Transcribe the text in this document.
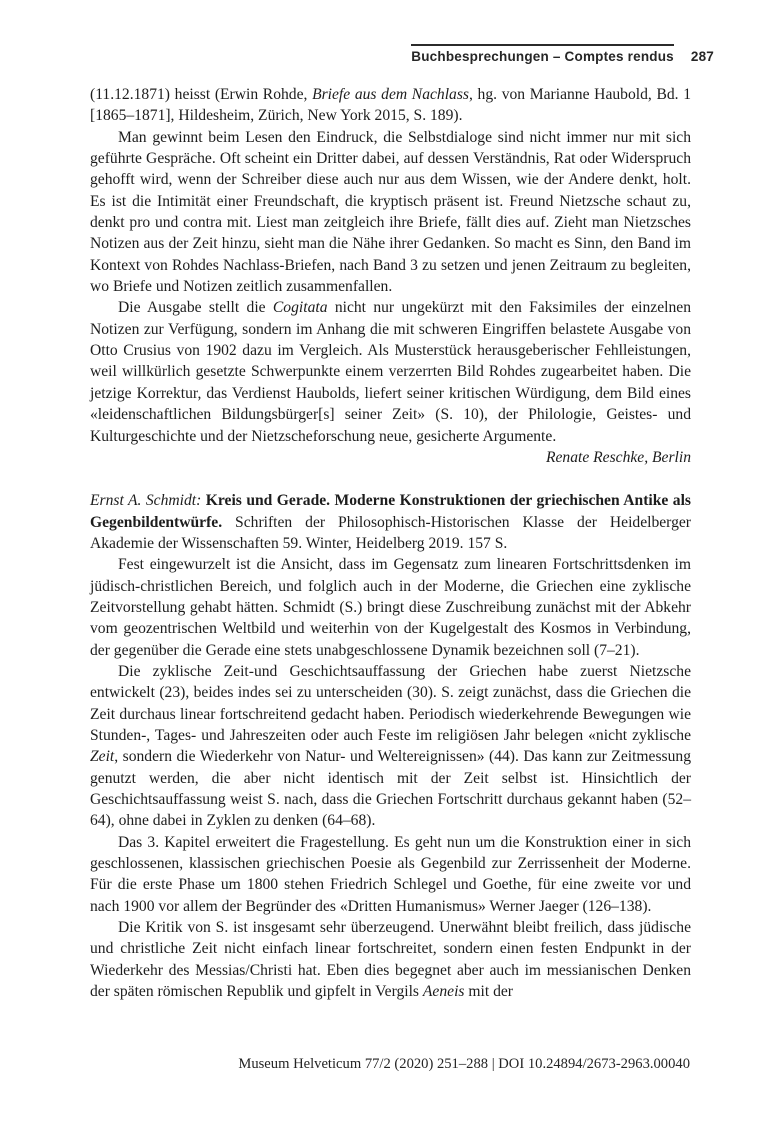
Buchbesprechungen – Comptes rendus 287

(11.12.1871) heisst (Erwin Rohde, Briefe aus dem Nachlass, hg. von Marianne Haubold, Bd. 1 [1865–1871], Hildesheim, Zürich, New York 2015, S. 189).

Man gewinnt beim Lesen den Eindruck, die Selbstdialoge sind nicht immer nur mit sich geführte Gespräche. Oft scheint ein Dritter dabei, auf dessen Verständnis, Rat oder Widerspruch gehofft wird, wenn der Schreiber diese auch nur aus dem Wissen, wie der Andere denkt, holt. Es ist die Intimität einer Freundschaft, die kryptisch präsent ist. Freund Nietzsche schaut zu, denkt pro und contra mit. Liest man zeitgleich ihre Briefe, fällt dies auf. Zieht man Nietzsches Notizen aus der Zeit hinzu, sieht man die Nähe ihrer Gedanken. So macht es Sinn, den Band im Kontext von Rohdes Nachlass-Briefen, nach Band 3 zu setzen und jenen Zeitraum zu begleiten, wo Briefe und Notizen zeitlich zusammenfallen.

Die Ausgabe stellt die Cogitata nicht nur ungekürzt mit den Faksimiles der einzelnen Notizen zur Verfügung, sondern im Anhang die mit schweren Eingriffen belastete Ausgabe von Otto Crusius von 1902 dazu im Vergleich. Als Musterstück herausgeberischer Fehlleistungen, weil willkürlich gesetzte Schwerpunkte einem verzerrten Bild Rohdes zugearbeitet haben. Die jetzige Korrektur, das Verdienst Haubolds, liefert seiner kritischen Würdigung, dem Bild eines «leidenschaftlichen Bildungsbürger[s] seiner Zeit» (S. 10), der Philologie, Geistes- und Kulturgeschichte und der Nietzscheforschung neue, gesicherte Argumente.

Renate Reschke, Berlin

Ernst A. Schmidt: Kreis und Gerade. Moderne Konstruktionen der griechischen Antike als Gegenbildentwürfe. Schriften der Philosophisch-Historischen Klasse der Heidelberger Akademie der Wissenschaften 59. Winter, Heidelberg 2019. 157 S.

Fest eingewurzelt ist die Ansicht, dass im Gegensatz zum linearen Fortschrittsdenken im jüdisch-christlichen Bereich, und folglich auch in der Moderne, die Griechen eine zyklische Zeitvorstellung gehabt hätten. Schmidt (S.) bringt diese Zuschreibung zunächst mit der Abkehr vom geozentrischen Weltbild und weiterhin von der Kugelgestalt des Kosmos in Verbindung, der gegenüber die Gerade eine stets unabgeschlossene Dynamik bezeichnen soll (7–21).

Die zyklische Zeit-und Geschichtsauffassung der Griechen habe zuerst Nietzsche entwickelt (23), beides indes sei zu unterscheiden (30). S. zeigt zunächst, dass die Griechen die Zeit durchaus linear fortschreitend gedacht haben. Periodisch wiederkehrende Bewegungen wie Stunden-, Tages- und Jahreszeiten oder auch Feste im religiösen Jahr belegen «nicht zyklische Zeit, sondern die Wiederkehr von Natur- und Weltereignissen» (44). Das kann zur Zeitmessung genutzt werden, die aber nicht identisch mit der Zeit selbst ist. Hinsichtlich der Geschichtsauffassung weist S. nach, dass die Griechen Fortschritt durchaus gekannt haben (52–64), ohne dabei in Zyklen zu denken (64–68).

Das 3. Kapitel erweitert die Fragestellung. Es geht nun um die Konstruktion einer in sich geschlossenen, klassischen griechischen Poesie als Gegenbild zur Zerrissenheit der Moderne. Für die erste Phase um 1800 stehen Friedrich Schlegel und Goethe, für eine zweite vor und nach 1900 vor allem der Begründer des «Dritten Humanismus» Werner Jaeger (126–138).

Die Kritik von S. ist insgesamt sehr überzeugend. Unerwähnt bleibt freilich, dass jüdische und christliche Zeit nicht einfach linear fortschreitet, sondern einen festen Endpunkt in der Wiederkehr des Messias/Christi hat. Eben dies begegnet aber auch im messianischen Denken der späten römischen Republik und gipfelt in Vergils Aeneis mit der

Museum Helveticum 77/2 (2020) 251–288 | DOI 10.24894/2673-2963.00040
